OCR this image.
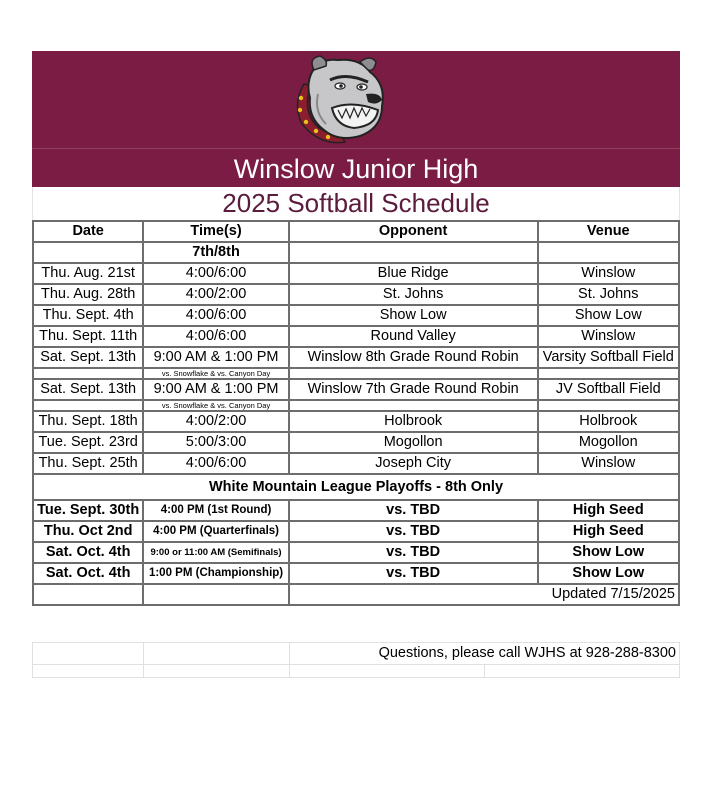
Winslow Junior High
2025 Softball Schedule
Date	Time(s)	Opponent	Venue
	7th/8th		
Thu. Aug. 21st	4:00/6:00	Blue Ridge	Winslow
Thu. Aug. 28th	4:00/2:00	St. Johns	St. Johns
Thu. Sept. 4th	4:00/6:00	Show Low	Show Low
Thu. Sept. 11th	4:00/6:00	Round Valley	Winslow
Sat. Sept. 13th	9:00 AM & 1:00 PM	Winslow 8th Grade Round Robin	Varsity Softball Field
	vs. Snowflake & vs. Canyon Day		
Sat. Sept. 13th	9:00 AM & 1:00 PM	Winslow 7th Grade Round Robin	JV Softball Field
	vs. Snowflake & vs. Canyon Day		
Thu. Sept. 18th	4:00/2:00	Holbrook	Holbrook
Tue. Sept. 23rd	5:00/3:00	Mogollon	Mogollon
Thu. Sept. 25th	4:00/6:00	Joseph City	Winslow
White Mountain League Playoffs - 8th Only			
Tue. Sept. 30th	4:00 PM (1st Round)	vs. TBD	High Seed
Thu. Oct 2nd	4:00 PM (Quarterfinals)	vs. TBD	High Seed
Sat. Oct. 4th	9:00 or 11:00 AM (Semifinals)	vs. TBD	Show Low
Sat. Oct. 4th	1:00 PM (Championship)	vs. TBD	Show Low
		Updated 7/15/2025	
		Questions, please call WJHS at 928-288-8300	
